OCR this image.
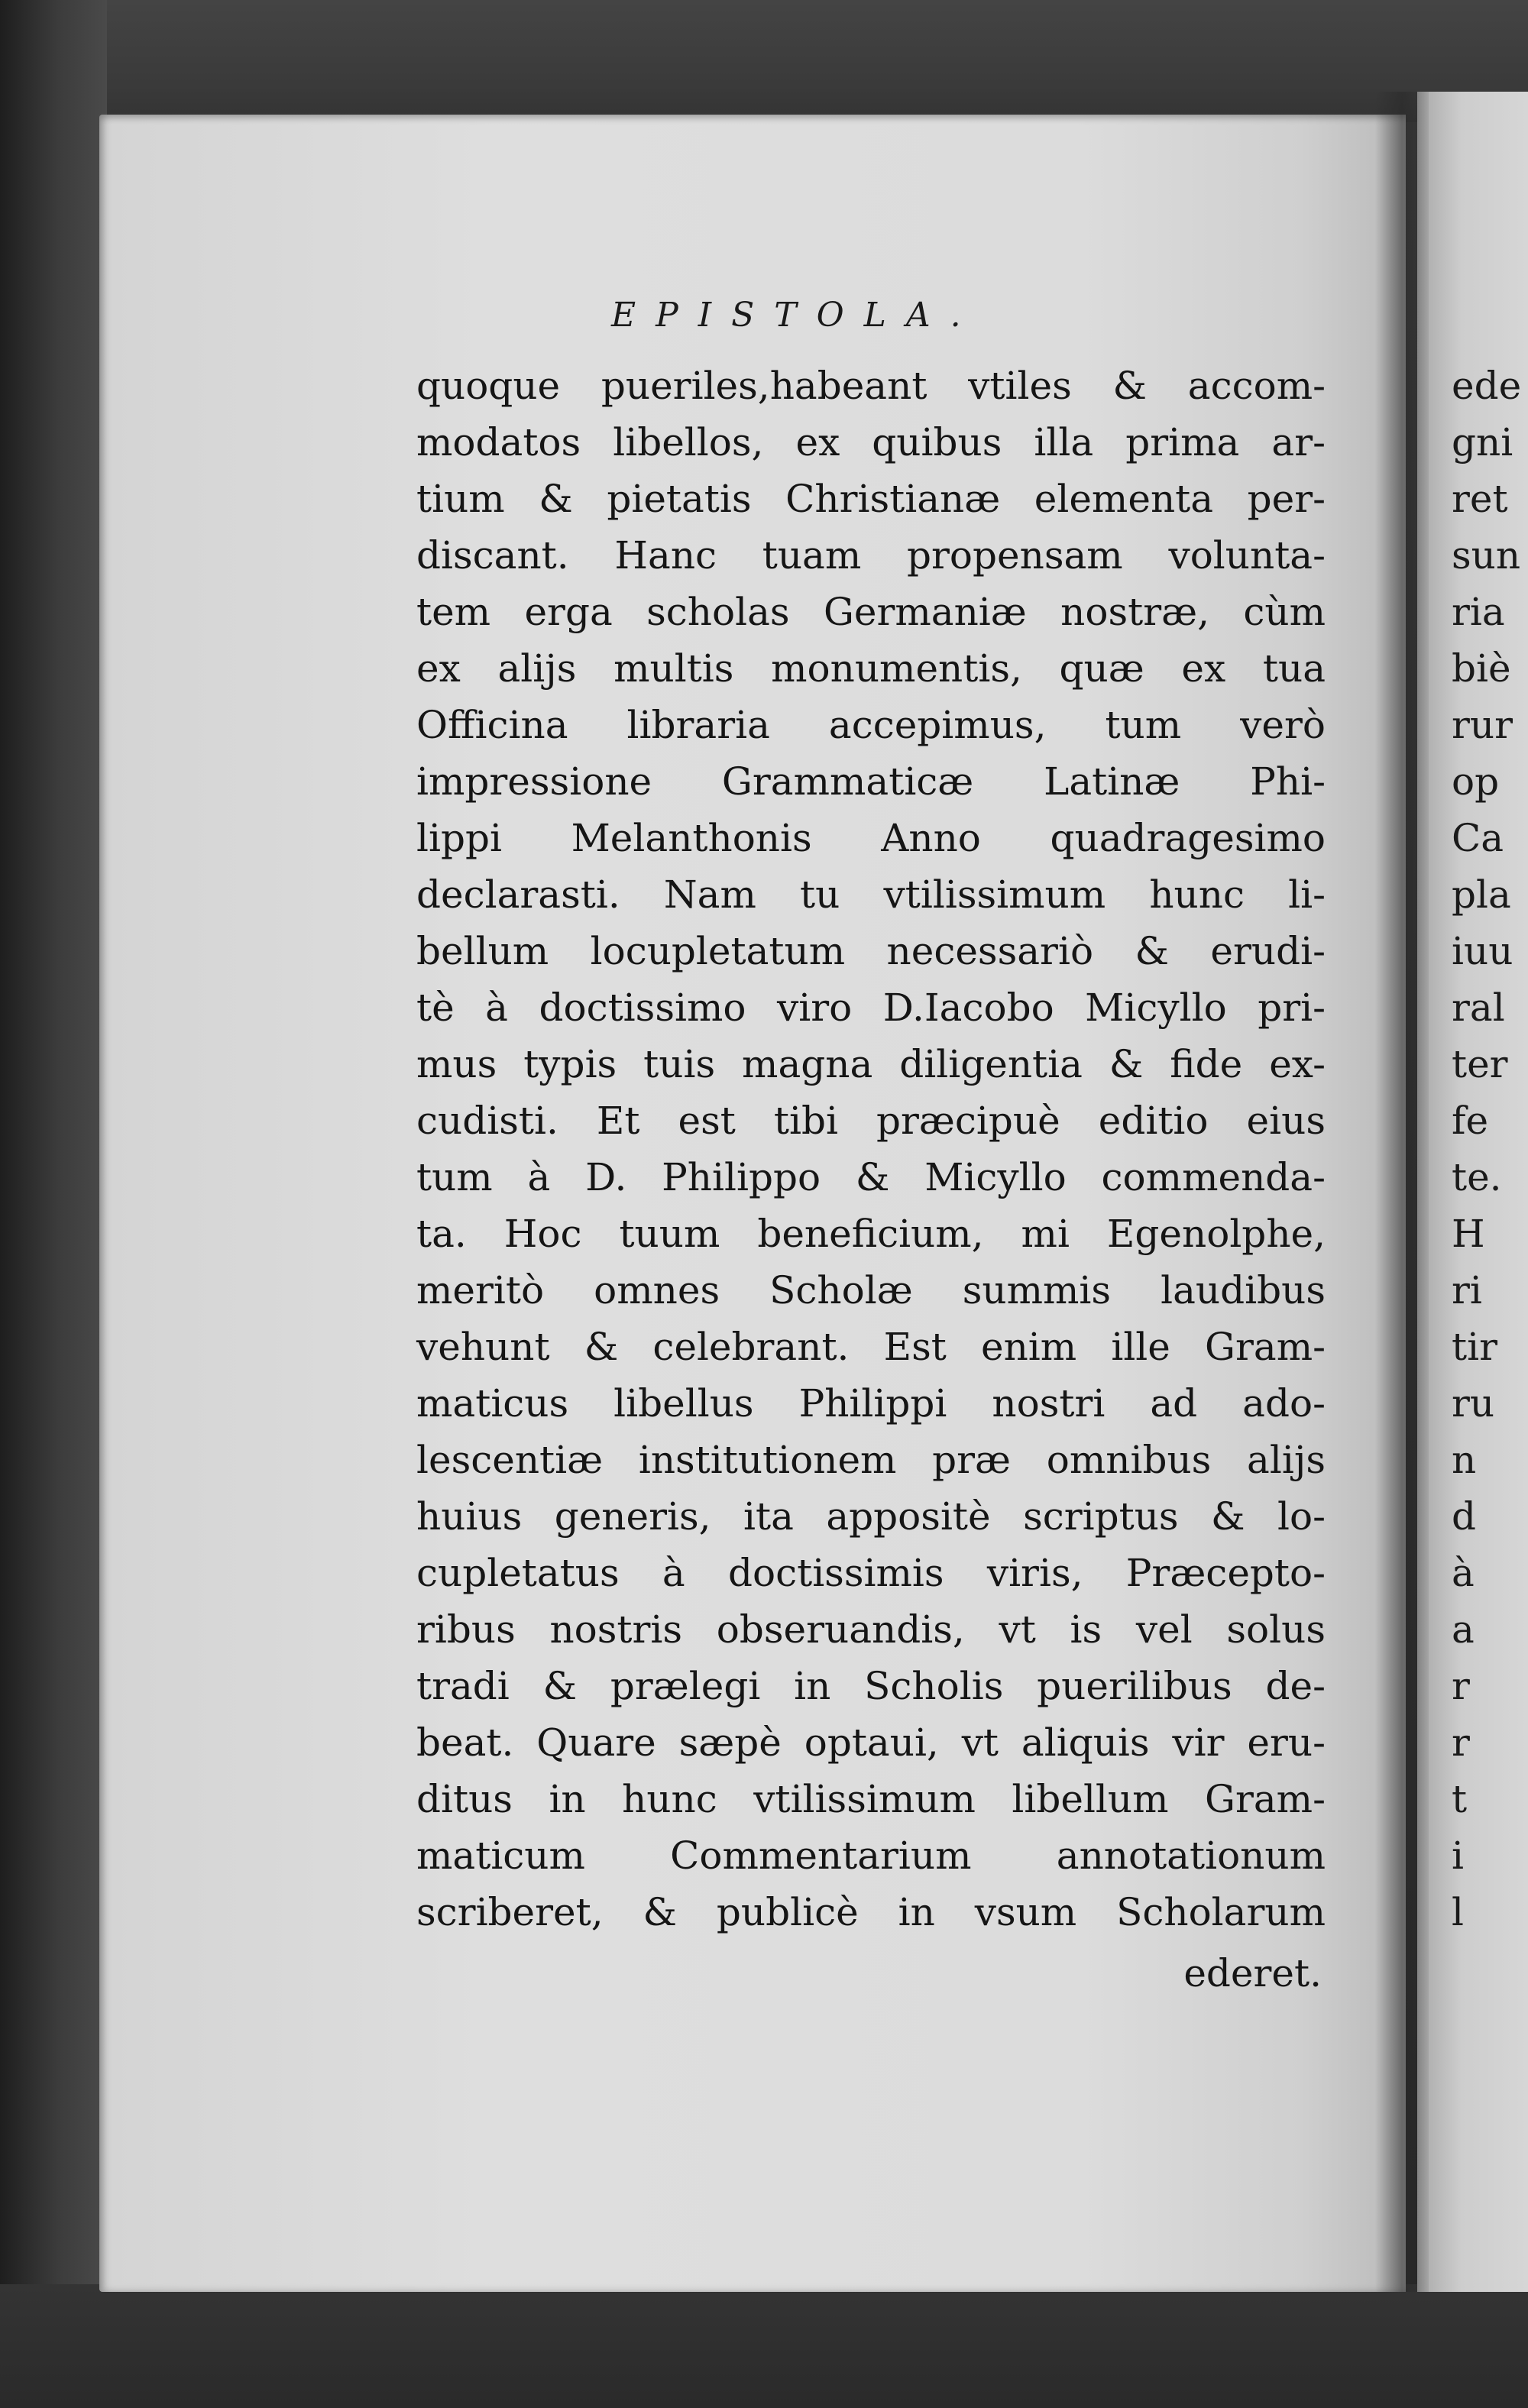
EPISTOLA.
quoque pueriles,habeant vtiles & accom-
modatos libellos, ex quibus illa prima ar-
tium & pietatis Christianæ elementa per-
discant. Hanc tuam propensam volunta-
tem erga scholas Germaniæ nostræ, cùm
ex alijs multis monumentis, quæ ex tua
Officina libraria accepimus, tum verò
impressione Grammaticæ Latinæ Phi-
lippi Melanthonis Anno quadragesimo
declarasti. Nam tu vtilissimum hunc li-
bellum locupletatum necessariò & erudi-
tè à doctissimo viro D.Iacobo Micyllo pri-
mus typis tuis magna diligentia & fide ex-
cudisti. Et est tibi præcipuè editio eius
tum à D. Philippo & Micyllo commenda-
ta. Hoc tuum beneficium, mi Egenolphe,
meritò omnes Scholæ summis laudibus
vehunt & celebrant. Est enim ille Gram-
maticus libellus Philippi nostri ad ado-
lescentiæ institutionem præ omnibus alijs
huius generis, ita appositè scriptus & lo-
cupletatus à doctissimis viris, Præcepto-
ribus nostris obseruandis, vt is vel solus
tradi & prælegi in Scholis puerilibus de-
beat. Quare sæpè optaui, vt aliquis vir eru-
ditus in hunc vtilissimum libellum Gram-
maticum Commentarium annotationum
scriberet, & publicè in vsum Scholarum
ederet.
ede
gni
ret
sun
ria
biè
rur
op
Ca
pla
iuu
ral
ter
fe
te.
H
ri
tir
ru
n
d
à
a
r
r
t
i
l
